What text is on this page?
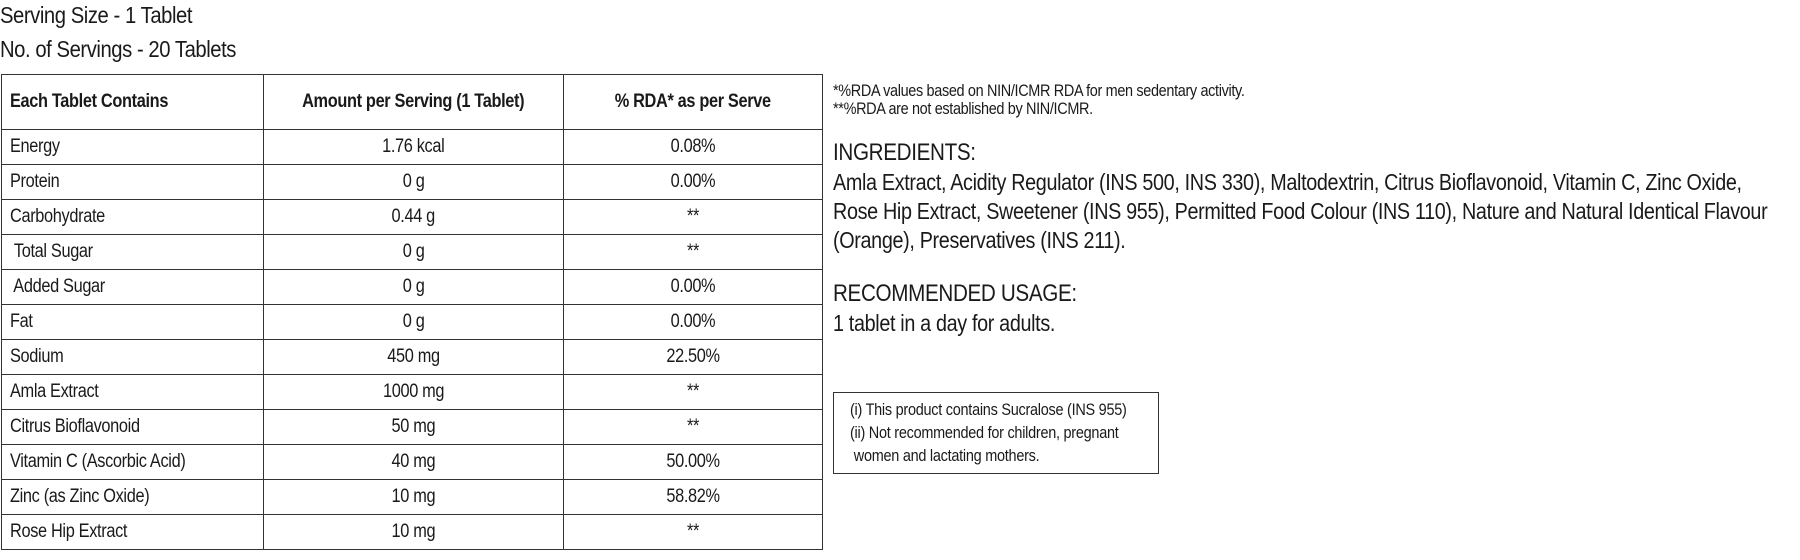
Serving Size - 1 Tablet
No. of Servings - 20 Tablets
Each Tablet Contains	Amount per Serving (1 Tablet)	% RDA* as per Serve
Energy	1.76 kcal	0.08%
Protein	0 g	0.00%
Carbohydrate	0.44 g	**
Total Sugar	0 g	**
Added Sugar	0 g	0.00%
Fat	0 g	0.00%
Sodium	450 mg	22.50%
Amla Extract	1000 mg	**
Citrus Bioflavonoid	50 mg	**
Vitamin C (Ascorbic Acid)	40 mg	50.00%
Zinc (as Zinc Oxide)	10 mg	58.82%
Rose Hip Extract	10 mg	**
*%RDA values based on NIN/ICMR RDA for men sedentary activity.
**%RDA are not established by NIN/ICMR.
INGREDIENTS:
Amla Extract, Acidity Regulator (INS 500, INS 330), Maltodextrin, Citrus Bioflavonoid, Vitamin C, Zinc Oxide, Rose Hip Extract, Sweetener (INS 955), Permitted Food Colour (INS 110), Nature and Natural Identical Flavour (Orange), Preservatives (INS 211).
RECOMMENDED USAGE:
1 tablet in a day for adults.
(i) This product contains Sucralose (INS 955)
(ii) Not recommended for children, pregnant
women and lactating mothers.
